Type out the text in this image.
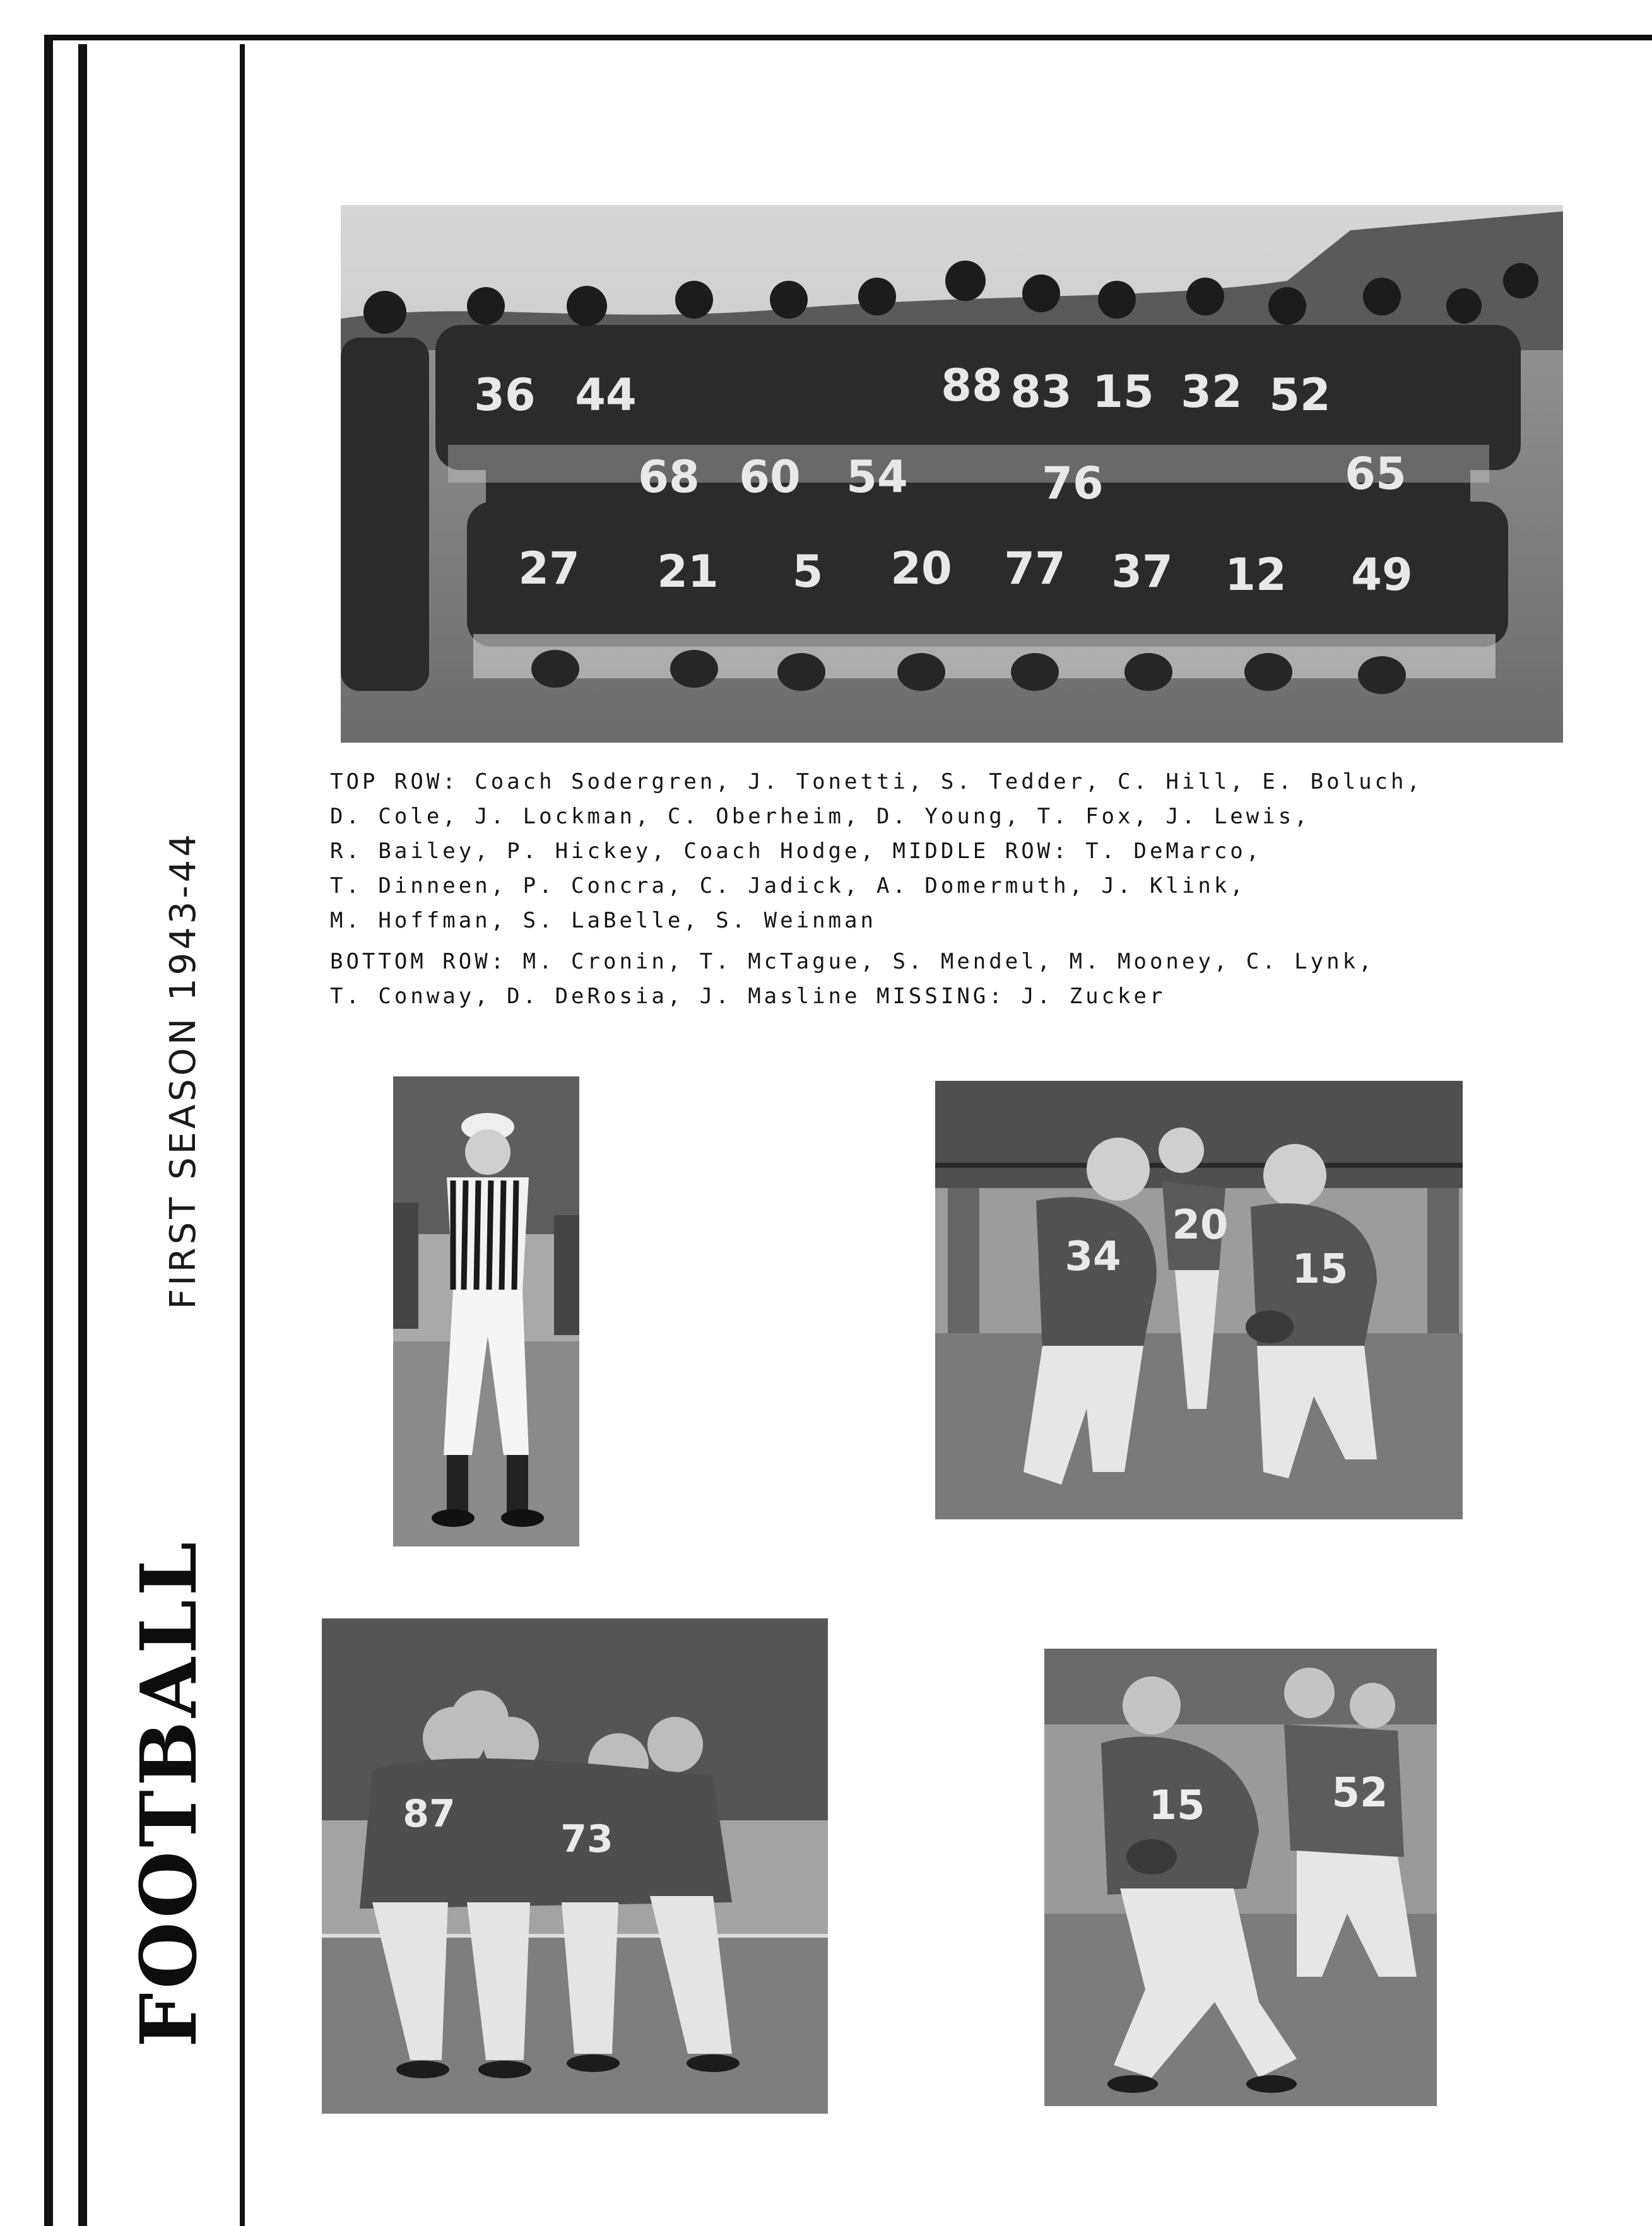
FOOTBALL
FIRST SEASON 1943-44
36 44	88 83 15 32 52
68 60 54	76	65
27 21 5 20 77 37 12 49
TOP ROW: Coach Sodergren, J. Tonetti, S. Tedder, C. Hill, E. Boluch,
D. Cole, J. Lockman, C. Oberheim, D. Young, T. Fox, J. Lewis,
R. Bailey, P. Hickey, Coach Hodge, MIDDLE ROW: T. DeMarco,
T. Dinneen, P. Concra, C. Jadick, A. Domermuth, J. Klink,
M. Hoffman, S. LaBelle, S. Weinman
BOTTOM ROW: M. Cronin, T. McTague, S. Mendel, M. Mooney, C. Lynk,
T. Conway, D. DeRosia, J. Masline MISSING: J. Zucker
34
20
15
87
73
15	52
